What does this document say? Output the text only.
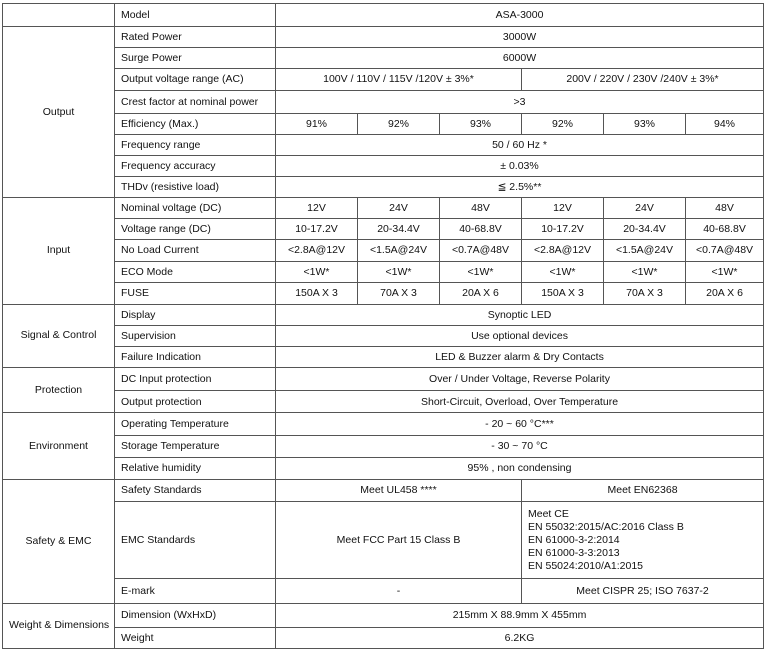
	Model	ASA-3000					
Output	Rated Power	3000W					
	Surge Power	6000W					
	Output voltage range (AC)	100V / 110V / 115V /120V ± 3%*			200V / 220V / 230V /240V ± 3%*		
	Crest factor at nominal power	>3					
	Efficiency (Max.)	91%	92%	93%	92%	93%	94%
	Frequency range	50 / 60 Hz *					
	Frequency accuracy	± 0.03%					
	THDv (resistive load)	≦ 2.5%**					
Input	Nominal voltage (DC)	12V	24V	48V	12V	24V	48V
	Voltage range (DC)	10-17.2V	20-34.4V	40-68.8V	10-17.2V	20-34.4V	40-68.8V
	No Load Current	<2.8A@12V	<1.5A@24V	<0.7A@48V	<2.8A@12V	<1.5A@24V	<0.7A@48V
	ECO Mode	<1W*	<1W*	<1W*	<1W*	<1W*	<1W*
	FUSE	150A X 3	70A X 3	20A X 6	150A X 3	70A X 3	20A X 6
Signal & Control	Display	Synoptic LED					
	Supervision	Use optional devices					
	Failure Indication	LED & Buzzer alarm & Dry Contacts					
Protection	DC Input protection	Over / Under Voltage, Reverse Polarity					
	Output protection	Short-Circuit, Overload, Over Temperature					
Environment	Operating Temperature	- 20 ~ 60 °C***					
	Storage Temperature	- 30 ~ 70 °C					
	Relative humidity	95% , non condensing					
Safety & EMC	Safety Standards	Meet UL458 ****			Meet EN62368		
	EMC Standards	Meet FCC Part 15 Class B			Meet CE
EN 55032:2015/AC:2016 Class B
EN 61000-3-2:2014
EN 61000-3-3:2013
EN 55024:2010/A1:2015		

	E-mark	-			Meet CISPR 25; ISO 7637-2		
Weight & Dimensions	Dimension (WxHxD)	215mm X 88.9mm X 455mm					
	Weight	6.2KG					
